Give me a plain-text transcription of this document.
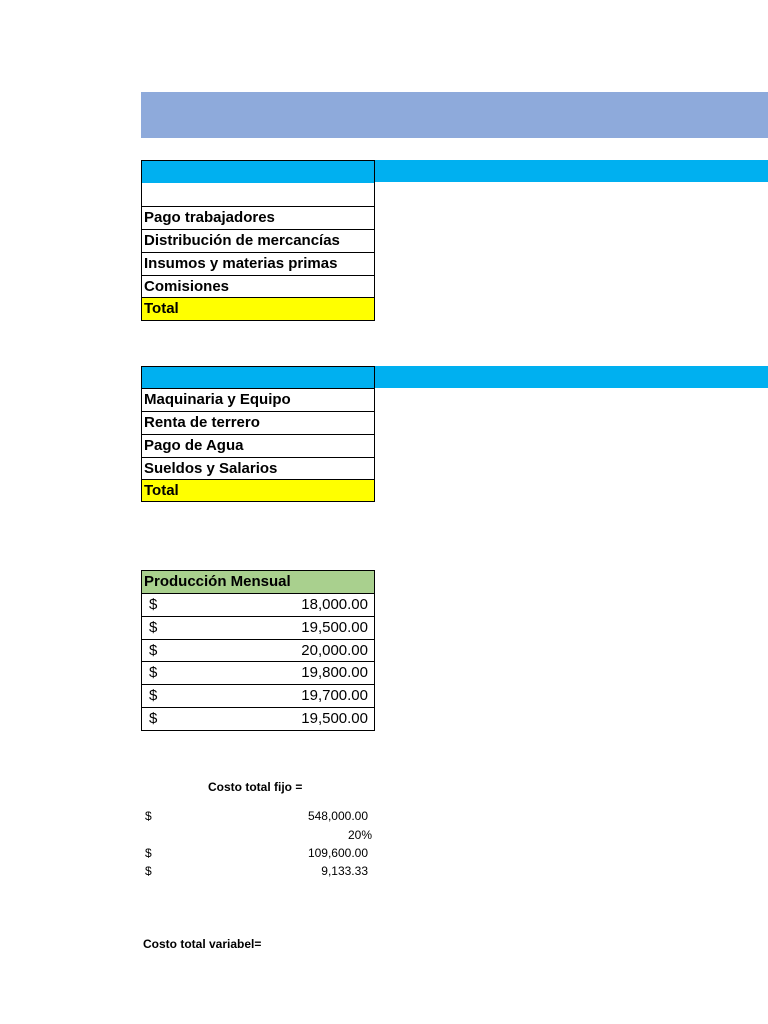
Pago trabajadores
Distribución de mercancías
Insumos y materias primas
Comisiones
Total
Maquinaria y Equipo
Renta de terrero
Pago de Agua
Sueldos y Salarios
Total
Producción Mensual
$	18,000.00
$	19,500.00
$	20,000.00
$	19,800.00
$	19,700.00
$	19,500.00
Costo total fijo =
$	548,000.00
20%
$	109,600.00
$	9,133.33
Costo total variabel=
